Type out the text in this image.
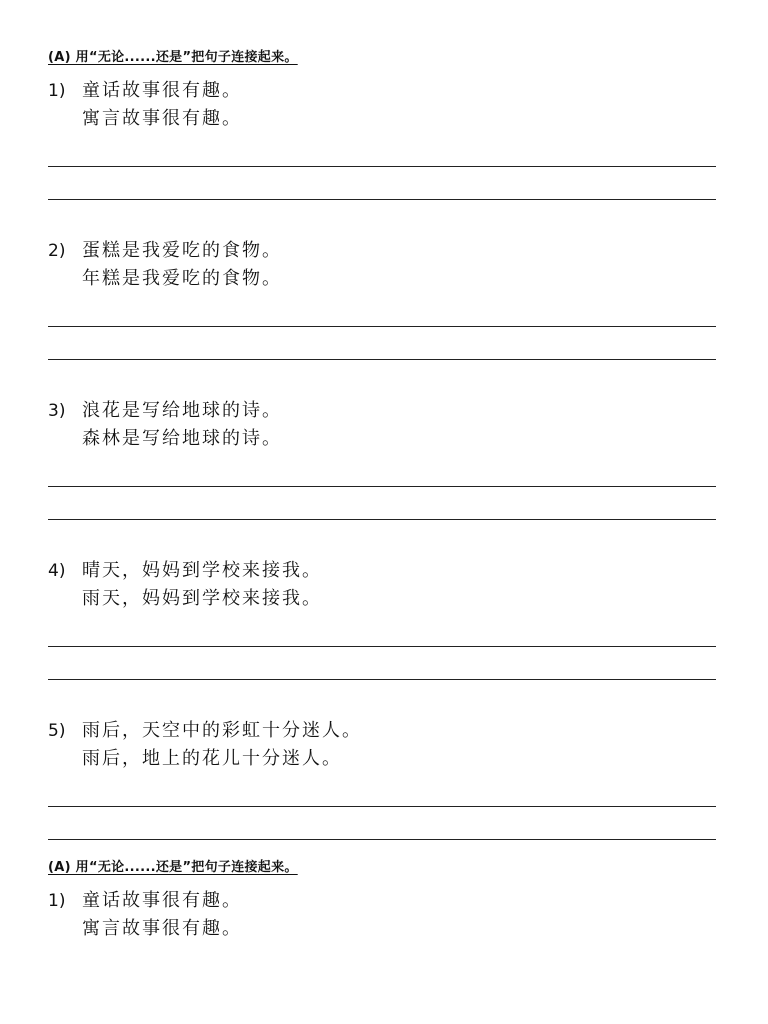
(A) 用“无论......还是”把句子连接起来。
1) 童话故事很有趣。
寓言故事很有趣。
2) 蛋糕是我爱吃的食物。
年糕是我爱吃的食物。
3) 浪花是写给地球的诗。
森林是写给地球的诗。
4) 晴天，妈妈到学校来接我。
雨天，妈妈到学校来接我。
5) 雨后，天空中的彩虹十分迷人。
雨后，地上的花儿十分迷人。
(A) 用“无论......还是”把句子连接起来。
1) 童话故事很有趣。
寓言故事很有趣。
